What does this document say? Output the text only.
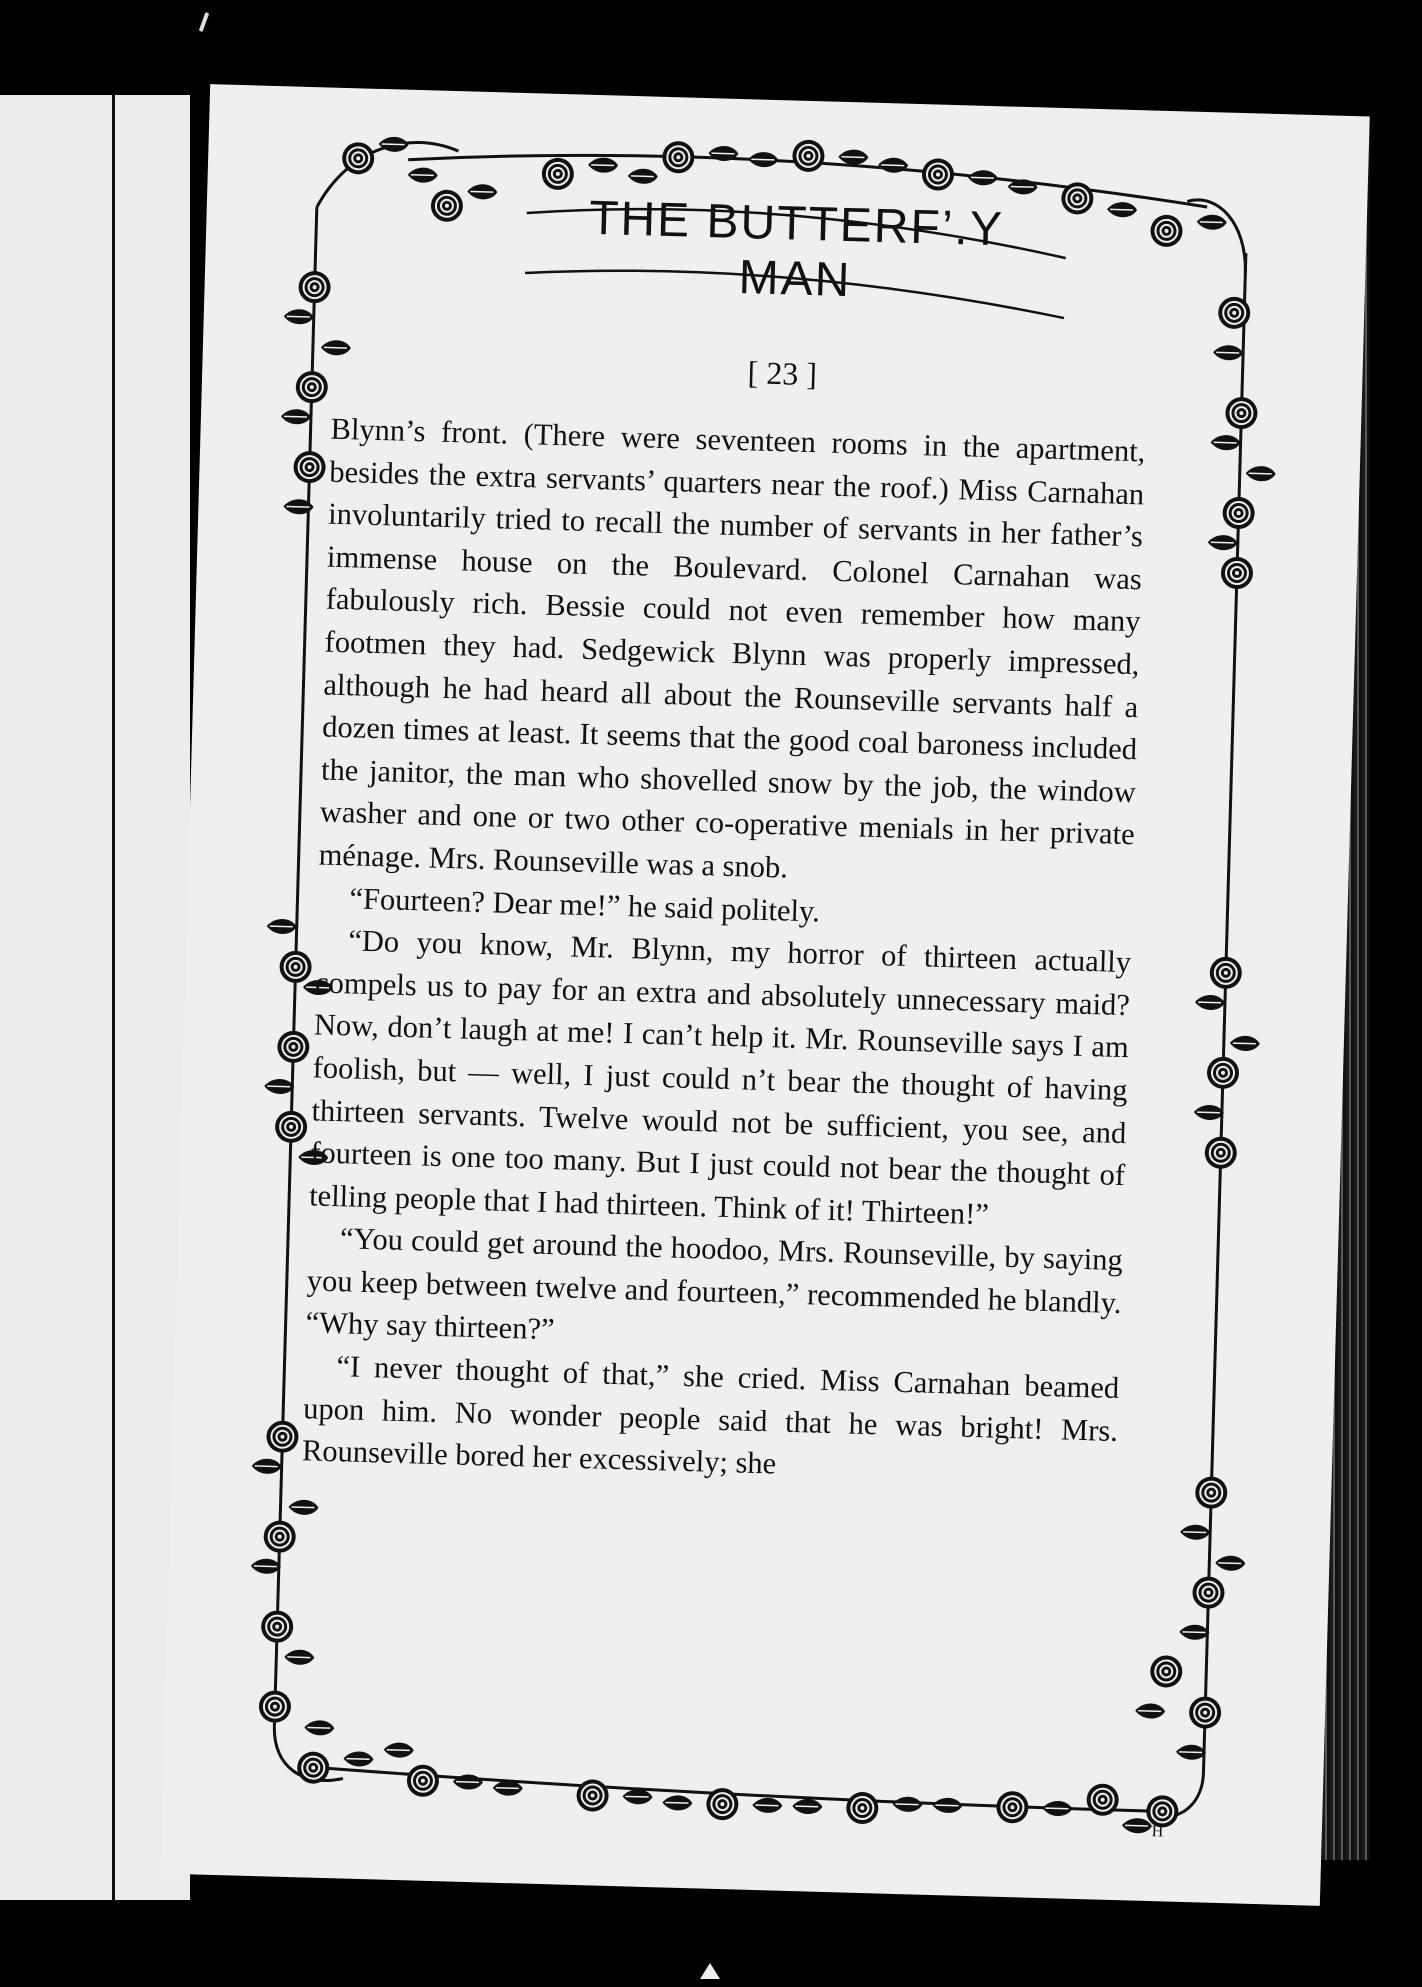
H
THE BUTTERF’.Y MAN
[ 23 ]

Blynn’s front. (There were seventeen rooms in the apartment, besides the extra servants’ quarters near the roof.) Miss Carnahan involuntarily tried to recall the number of servants in her father’s immense house on the Boulevard. Colonel Carnahan was fabulously rich. Bessie could not even remember how many footmen they had. Sedgewick Blynn was properly impressed, although he had heard all about the Rounseville servants half a dozen times at least. It seems that the good coal baroness included the janitor, the man who shovelled snow by the job, the window washer and one or two other co-operative menials in her private ménage. Mrs. Rounseville was a snob.

“Fourteen? Dear me!” he said politely.

“Do you know, Mr. Blynn, my horror of thirteen actually compels us to pay for an extra and absolutely unnecessary maid? Now, don’t laugh at me! I can’t help it. Mr. Rounseville says I am foolish, but — well, I just could n’t bear the thought of having thirteen servants. Twelve would not be sufficient, you see, and fourteen is one too many. But I just could not bear the thought of telling people that I had thirteen. Think of it! Thirteen!”

“You could get around the hoodoo, Mrs. Rounseville, by saying you keep between twelve and fourteen,” recommended he blandly. “Why say thirteen?”

“I never thought of that,” she cried. Miss Carnahan beamed upon him. No wonder people said that he was bright! Mrs. Rounseville bored her excessively; she
